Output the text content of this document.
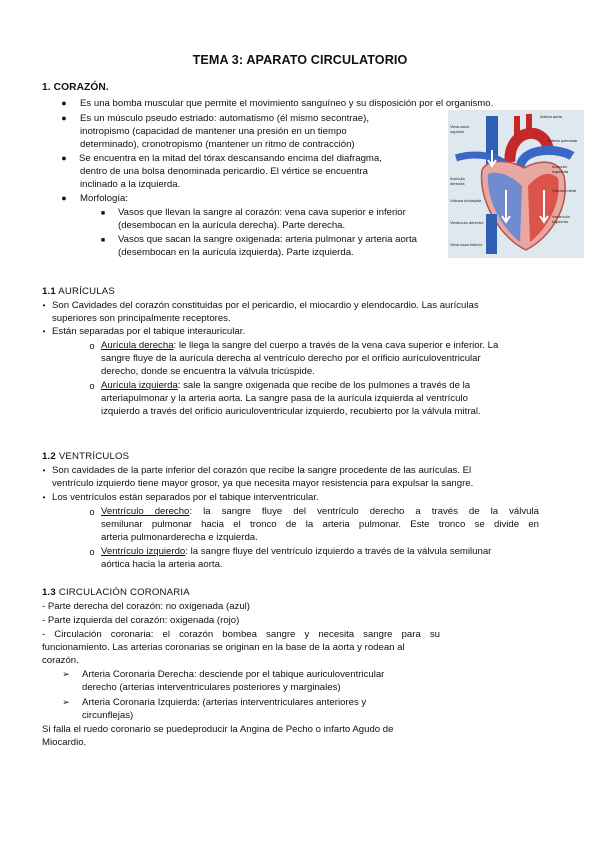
TEMA 3: APARATO CIRCULATORIO
1. CORAZÓN.
● Es una bomba muscular que permite el movimiento sanguíneo y su disposición por el organismo.
● Es un músculo pseudo estriado: automatismo (él mismo secontrae),
inotropismo (capacidad de mantener una presión en un tiempo
determinado), cronotropismo (mantener un ritmo de contracción)
● Se encuentra en la mitad del tórax descansando encima del diafragma,
dentro de una bolsa denominada pericardio. El vértice se encuentra
inclinado a la izquierda.
● Morfología:
■ Vasos que llevan la sangre al corazón: vena cava superior e inferior
(desembocan en la aurícula derecha). Parte derecha.
■ Vasos que sacan la sangre oxigenada: arteria pulmonar y arteria aorta
(desembocan en la aurícula izquierda). Parte izquierda.
Vena cava superior
Arteria aorta
Arteria pulmonar
Aurícula izquierda
Aurícula derecha
Válvula mitral
Válvula tricúspide
Ventrículo izquierdo
Ventrículo derecho
Vena cava inferior
1.1 AURÍCULAS
• Son Cavidades del corazón constituidas por el pericardio, el miocardio y elendocardio. Las aurículas
superiores son principalmente receptores.
• Están separadas por el tabique interauricular.
o Aurícula derecha: le llega la sangre del cuerpo a través de la vena cava superior e inferior. La
sangre fluye de la aurícula derecha al ventrículo derecho por el orificio aurículoventricular
derecho, donde se encuentra la válvula tricúspide.
o Aurícula izquierda: sale la sangre oxigenada que recibe de los pulmones a través de la
arteriapulmonar y la arteria aorta. La sangre pasa de la aurícula izquierda al ventrículo
izquierdo a través del orificio auriculoventricular izquierdo, recubierto por la válvula mitral.
1.2 VENTRÍCULOS
• Son cavidades de la parte inferior del corazón que recibe la sangre procedente de las aurículas. El
ventrículo izquierdo tiene mayor grosor, ya que necesita mayor resistencia para expulsar la sangre.
• Los ventrículos están separados por el tabique interventricular.
o Ventrículo derecho: la sangre fluye del ventrículo derecho a través de la válvula
semilunar pulmonar hacia el tronco de la arteria pulmonar. Este tronco se divide en
arteria pulmonarderecha e izquierda.
o Ventrículo izquierdo: la sangre fluye del ventrículo izquierdo a través de la válvula semilunar
aórtica hacia la arteria aorta.
1.3 CIRCULACIÓN CORONARIA
- Parte derecha del corazón: no oxigenada (azul)
- Parte izquierda del corazón: oxigenada (rojo)
- Circulación coronaria: el corazón bombea sangre y necesita sangre para su
funcionamiento. Las arterias coronarias se originan en la base de la aorta y rodean al
corazón.
➢ Arteria Coronaria Derecha: desciende por el tabique auriculoventricular
derecho (arterias interventriculares posteriores y marginales)
➢ Arteria Coronaria Izquierda: (arterias interventriculares anteriores y
circunflejas)
Si falla el ruedo coronario se puedeproducir la Angina de Pecho o infarto Agudo de
Miocardio.
